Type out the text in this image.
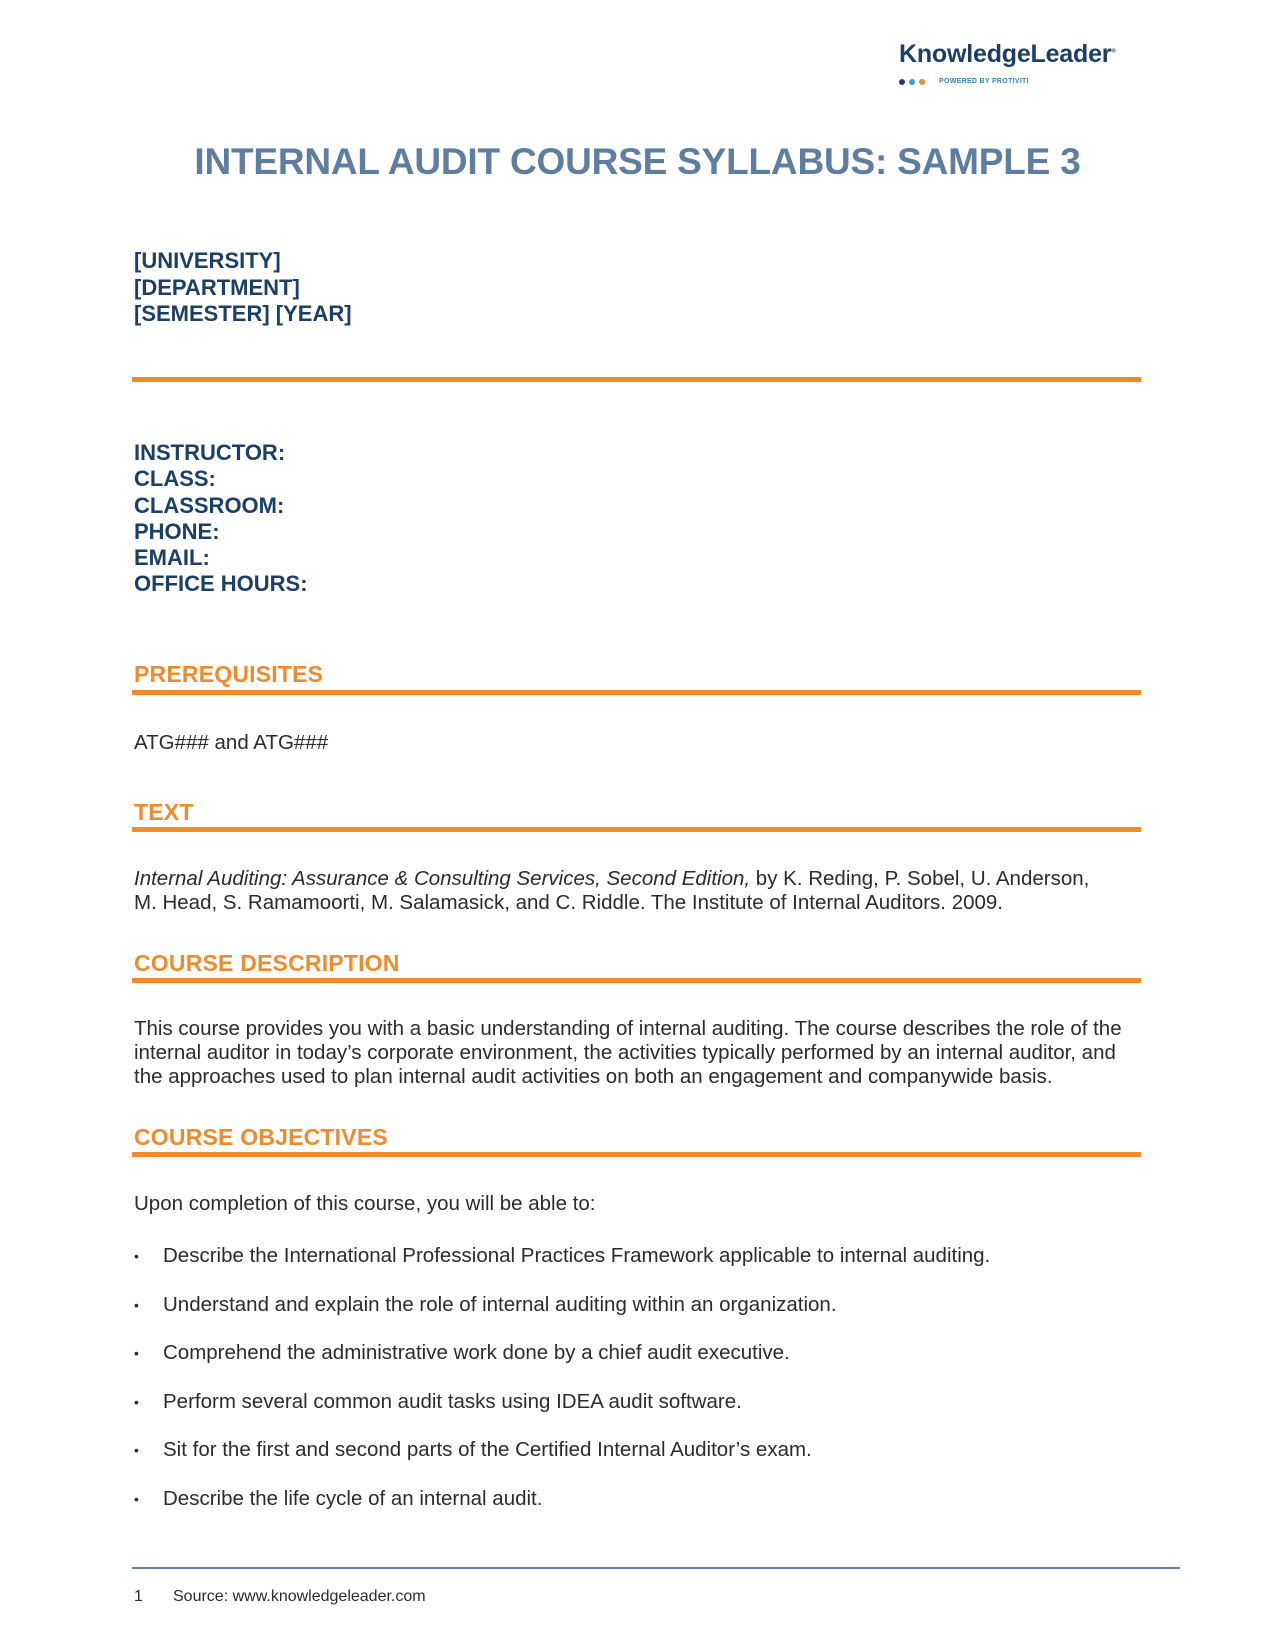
KnowledgeLeader®
POWERED BY PROTIVITI
INTERNAL AUDIT COURSE SYLLABUS: SAMPLE 3
[UNIVERSITY]
[DEPARTMENT]
[SEMESTER] [YEAR]
INSTRUCTOR:
CLASS:
CLASSROOM:
PHONE:
EMAIL:
OFFICE HOURS:
PREREQUISITES
ATG### and ATG###
TEXT
Internal Auditing: Assurance & Consulting Services, Second Edition, by K. Reding, P. Sobel, U. Anderson,
M. Head, S. Ramamoorti, M. Salamasick, and C. Riddle. The Institute of Internal Auditors. 2009.
COURSE DESCRIPTION
This course provides you with a basic understanding of internal auditing. The course describes the role of the
internal auditor in today’s corporate environment, the activities typically performed by an internal auditor, and
the approaches used to plan internal audit activities on both an engagement and companywide basis.
COURSE OBJECTIVES
Upon completion of this course, you will be able to:
• Describe the International Professional Practices Framework applicable to internal auditing.
• Understand and explain the role of internal auditing within an organization.
• Comprehend the administrative work done by a chief audit executive.
• Perform several common audit tasks using IDEA audit software.
• Sit for the first and second parts of the Certified Internal Auditor’s exam.
• Describe the life cycle of an internal audit.
1 Source: www.knowledgeleader.com
